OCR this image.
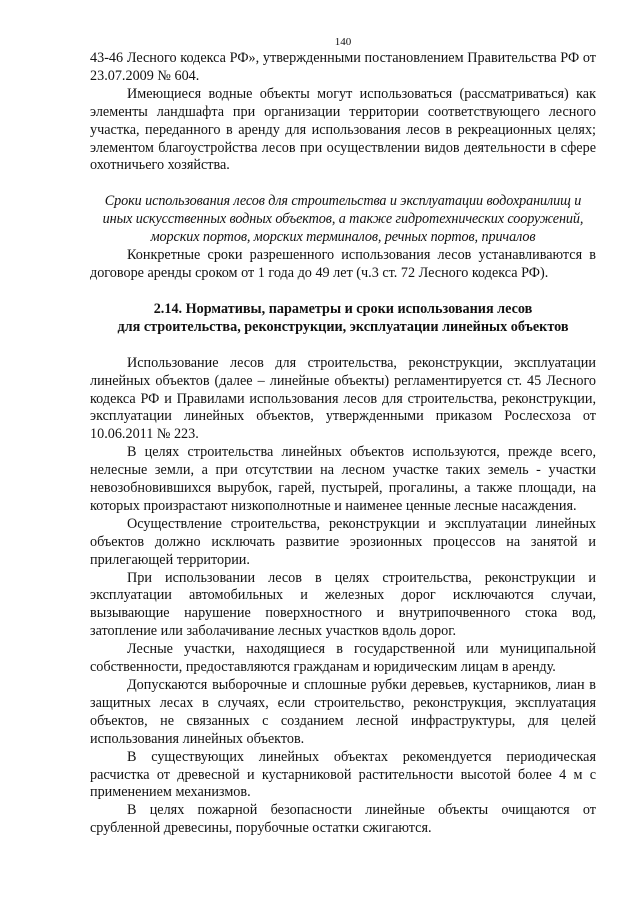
140

43-46 Лесного кодекса РФ», утвержденными постановлением Правительства РФ от 23.07.2009 № 604.

Имеющиеся водные объекты могут использоваться (рассматриваться) как элементы ландшафта при организации территории соответствующего лесного участка, переданного в аренду для использования лесов в рекреационных целях; элементом благоустройства лесов при осуществлении видов деятельности в сфере охотничьего хозяйства.

Сроки использования лесов для строительства и эксплуатации водохранилищ и иных искусственных водных объектов, а также гидротехнических сооружений, морских портов, морских терминалов, речных портов, причалов

Конкретные сроки разрешенного использования лесов устанавливаются в договоре аренды сроком от 1 года до 49 лет (ч.3 ст. 72 Лесного кодекса РФ).

2.14. Нормативы, параметры и сроки использования лесов
для строительства, реконструкции, эксплуатации линейных объектов

Использование лесов для строительства, реконструкции, эксплуатации линейных объектов (далее – линейные объекты) регламентируется ст. 45 Лесного кодекса РФ и Правилами использования лесов для строительства, реконструкции, эксплуатации линейных объектов, утвержденными приказом Рослесхоза от 10.06.2011 № 223.

В целях строительства линейных объектов используются, прежде всего, нелесные земли, а при отсутствии на лесном участке таких земель - участки невозобновившихся вырубок, гарей, пустырей, прогалины, а также площади, на которых произрастают низкополнотные и наименее ценные лесные насаждения.

Осуществление строительства, реконструкции и эксплуатации линейных объектов должно исключать развитие эрозионных процессов на занятой и прилегающей территории.

При использовании лесов в целях строительства, реконструкции и эксплуатации автомобильных и железных дорог исключаются случаи, вызывающие нарушение поверхностного и внутрипочвенного стока вод, затопление или заболачивание лесных участков вдоль дорог.

Лесные участки, находящиеся в государственной или муниципальной собственности, предоставляются гражданам и юридическим лицам в аренду.

Допускаются выборочные и сплошные рубки деревьев, кустарников, лиан в защитных лесах в случаях, если строительство, реконструкция, эксплуатация объектов, не связанных с созданием лесной инфраструктуры, для целей использования линейных объектов.

В существующих линейных объектах рекомендуется периодическая расчистка от древесной и кустарниковой растительности высотой более 4 м с применением механизмов.

В целях пожарной безопасности линейные объекты очищаются от срубленной древесины, порубочные остатки сжигаются.
